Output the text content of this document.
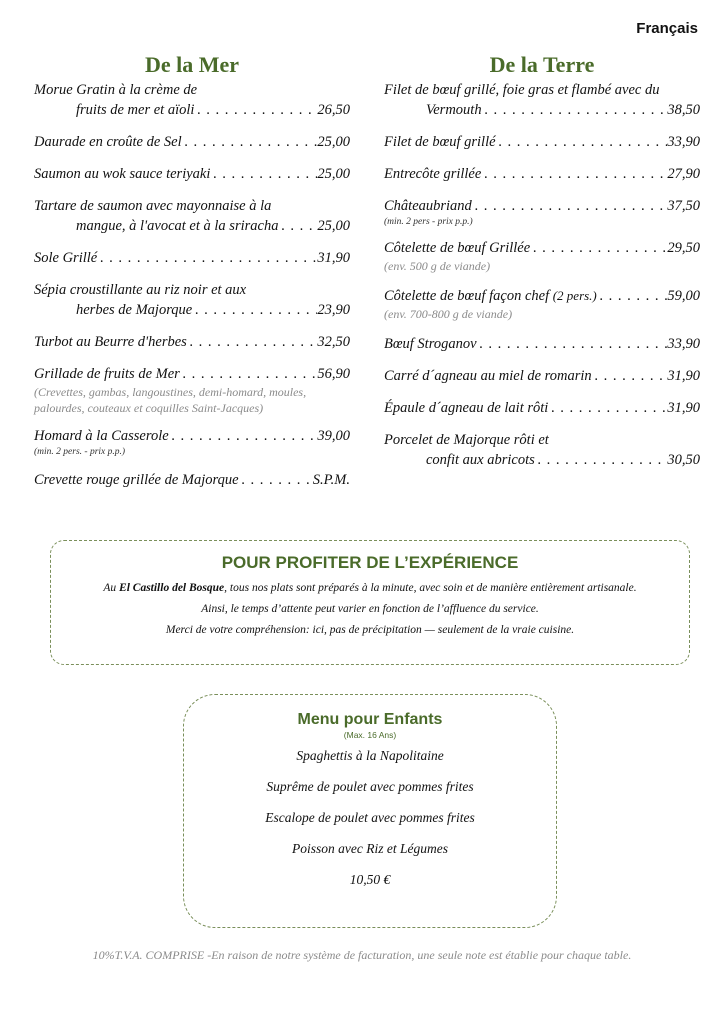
Français
De la Mer
Morue Gratin à la crème de
fruits de mer et aïoli . . .	26,50
Daurade en croûte de Sel . . .	25,00
Saumon au wok sauce teriyaki . . .	25,00
Tartare de saumon avec mayonnaise à la
mangue, à l'avocat et à la sriracha . . .	25,00
Sole Grillé . . .	31,90
Sépia croustillante au riz noir et aux
herbes de Majorque . . .	23,90
Turbot au Beurre d'herbes . . .	32,50
Grillade de fruits de Mer . . .	56,90
(Crevettes, gambas, langoustines, demi-homard, moules, palourdes, couteaux et coquilles Saint-Jacques)
Homard à la Casserole . . .	39,00
(min. 2 pers. - prix p.p.)
Crevette rouge grillée de Majorque . . .	S.P.M.
De la Terre
Filet de bœuf grillé, foie gras et flambé avec du
Vermouth . . .	38,50
Filet de bœuf grillé . . .	33,90
Entrecôte grillée . . .	27,90
Châteaubriand . . .	37,50
(min. 2 pers - prix p.p.)
Côtelette de bœuf Grillée . . .	29,50
(env. 500 g de viande)
Côtelette de bœuf façon chef
(2 pers.) . . .	59,00
(env. 700-800 g de viande)
Bœuf Stroganov . . .	33,90
Carré d´agneau au miel de romarin . . .	31,90
Épaule d´agneau de lait rôti . . .	31,90
Porcelet de Majorque rôti et
confit aux abricots . . .	30,50
POUR PROFITER DE L’EXPÉRIENCE
Au El Castillo del Bosque, tous nos plats sont préparés à la minute, avec soin et de manière entièrement artisanale.
Ainsi, le temps d’attente peut varier en fonction de l’affluence du service.
Merci de votre compréhension: ici, pas de précipitation — seulement de la vraie cuisine.
Menu pour Enfants
(Max. 16 Ans)
Spaghettis à la Napolitaine
Suprême de poulet avec pommes frites
Escalope de poulet avec pommes frites
Poisson avec Riz et Légumes
10,50 €
10%T.V.A. COMPRISE -En raison de notre système de facturation, une seule note est établie pour chaque table.
